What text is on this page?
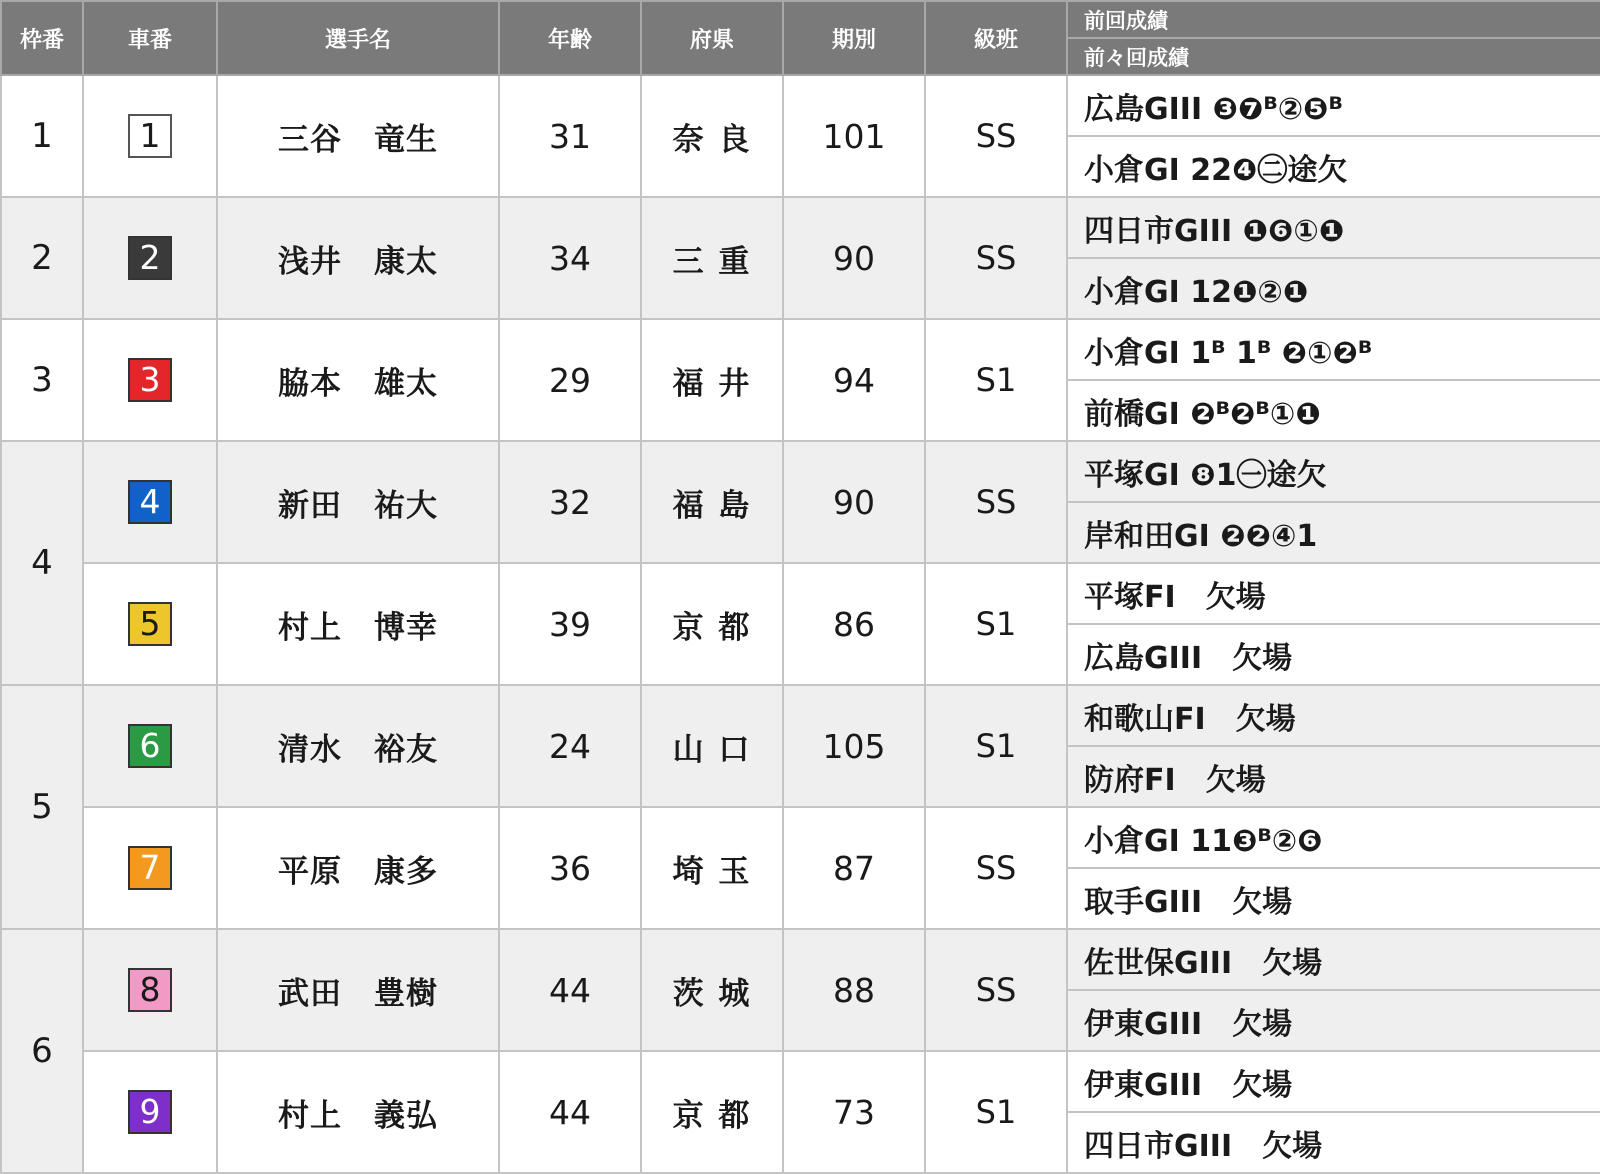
枠番	車番	選手名	年齢	府県	期別	級班	前回成績
							前々回成績
1	1	三谷　竜生	31	奈 良	101	SS	広島GIII ❸❼ᴮ②❺ᴮ
							小倉GI 22❹㊁途欠
2	2	浅井　康太	34	三 重	90	SS	四日市GIII ❶❻①❶
							小倉GI 12❶②❶
3	3	脇本　雄太	29	福 井	94	S1	小倉GI 1ᴮ 1ᴮ ❷①❷ᴮ
							前橋GI ❷ᴮ❷ᴮ①❶
4	4	新田　祐大	32	福 島	90	SS	平塚GI ❽1㊀途欠
							岸和田GI ❷❷④1
	5	村上　博幸	39	京 都	86	S1	平塚FI　欠場
							広島GIII　欠場
5	6	清水　裕友	24	山 口	105	S1	和歌山FI　欠場
							防府FI　欠場
	7	平原　康多	36	埼 玉	87	SS	小倉GI 11❸ᴮ②❻
							取手GIII　欠場
6	8	武田　豊樹	44	茨 城	88	SS	佐世保GIII　欠場
							伊東GIII　欠場
	9	村上　義弘	44	京 都	73	S1	伊東GIII　欠場
							四日市GIII　欠場
